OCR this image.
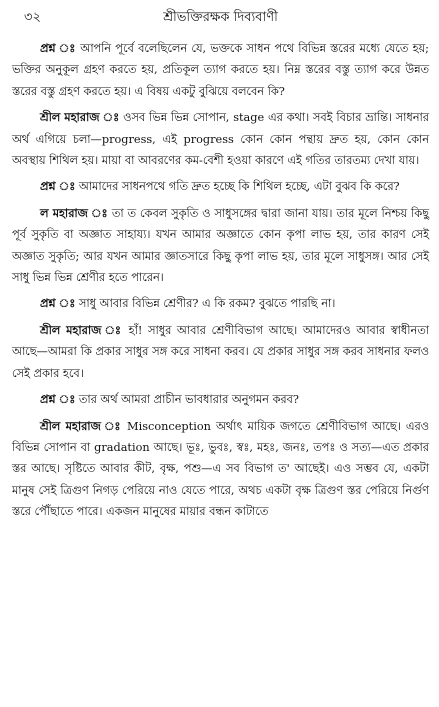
৩২	শ্রীভক্তিরক্ষক দিব্যবাণী

প্রশ্ন ঃ আপনি পূর্বে বলেছিলেন যে, ভক্তকে সাধন পথে বিভিন্ন স্তরের মধ্যে যেতে হয়; ভক্তির অনুকূল গ্রহণ করতে হয়, প্রতিকূল ত্যাগ করতে হয়। নিম্ন স্তরের বস্তু ত্যাগ করে উন্নত স্তরের বস্তু গ্রহণ করতে হয়। এ বিষয় একটু বুঝিয়ে বলবেন কি?

শ্রীল মহারাজ ঃ ওসব ভিন্ন ভিন্ন সোপান, stage এর কথা। সবই বিচার ভ্রান্তি। সাধনার অর্থ এগিয়ে চলা—progress, এই progress কোন কোন পন্থায় দ্রুত হয়, কোন কোন অবস্থায় শিথিল হয়। মায়া বা আবরণের কম-বেশী হওয়া কারণে এই গতির তারতম্য দেখা যায়।

প্রশ্ন ঃ আমাদের সাধনপথে গতি দ্রুত হচ্ছে কি শিথিল হচ্ছে, এটা বুঝব কি করে?

ল মহারাজ ঃ তা ত কেবল সুকৃতি ও সাধুসঙ্গের দ্বারা জানা যায়। তার মূলে নিশ্চয় কিছু পূর্ব সুকৃতি বা অজ্ঞাত সাহায্য। যখন আমার অজ্ঞাতে কোন কৃপা লাভ হয়, তার কারণ সেই অজ্ঞাত সুকৃতি; আর যখন আমার জ্ঞাতসারে কিছু কৃপা লাভ হয়, তার মূলে সাধুসঙ্গ। আর সেই সাধু ভিন্ন ভিন্ন শ্রেণীর হতে পারেন।

প্রশ্ন ঃ সাধু আবার বিভিন্ন শ্রেণীর? এ কি রকম? বুঝতে পারছি না।

শ্রীল মহারাজ ঃ হাঁ! সাধুর আবার শ্রেণীবিভাগ আছে। আমাদেরও আবার স্বাধীনতা আছে—আমরা কি প্রকার সাধুর সঙ্গ করে সাধনা করব। যে প্রকার সাধুর সঙ্গ করব সাধনার ফলও সেই প্রকার হবে।

প্রশ্ন ঃ তার অর্থ আমরা প্রাচীন ভাবধারার অনুগমন করব?

শ্রীল মহারাজ ঃ Misconception অর্থাৎ মায়িক জগতে শ্রেণীবিভাগ আছে। এরও বিভিন্ন সোপান বা gradation আছে। ভূঃ, ভুবঃ, স্বঃ, মহঃ, জনঃ, তপঃ ও সত্য—এত প্রকার স্তর আছে। সৃষ্টিতে আবার কীট, বৃক্ষ, পশু—এ সব বিভাগ ত' আছেই। এও সম্ভব যে, একটা মানুষ সেই ত্রিগুণ নিগড় পেরিয়ে নাও যেতে পারে, অথচ একটা বৃক্ষ ত্রিগুণ স্তর পেরিয়ে নির্গুণ স্তরে পৌঁছাতে পারে। একজন মানুষের মায়ার বন্ধন কাটাতে
